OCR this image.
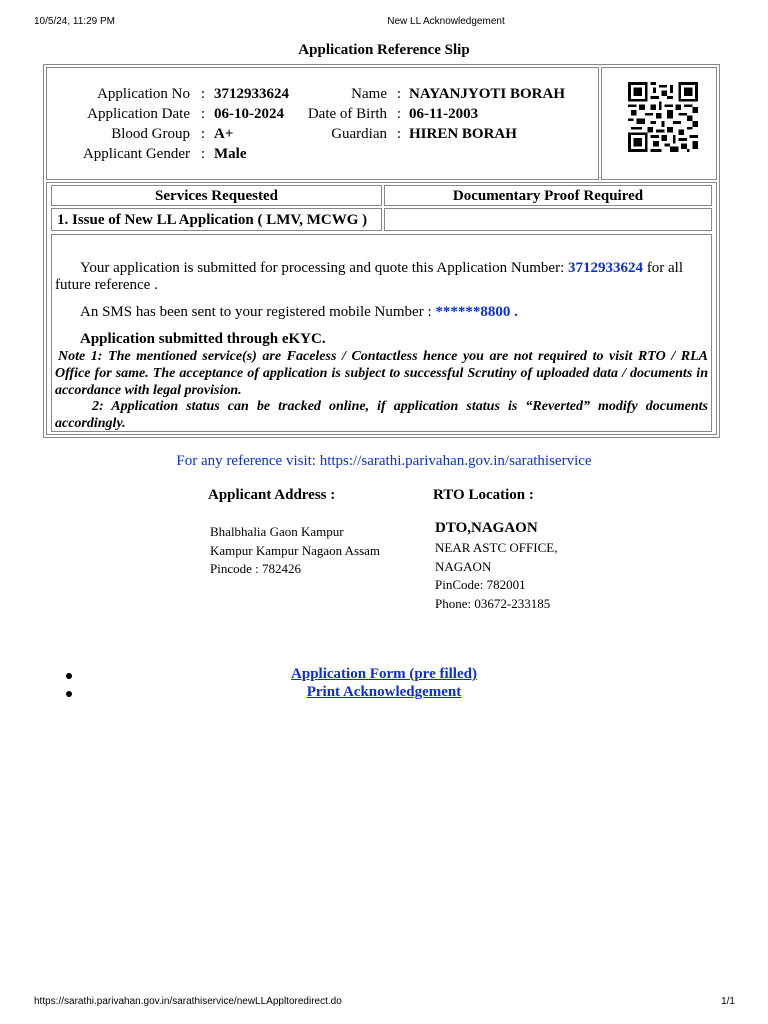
10/5/24, 11:29 PM	New LL Acknowledgement
Application Reference Slip
Application No : 3712933624	Name : NAYANJYOTI BORAH
Application Date : 06-10-2024 Date of Birth : 06-11-2003
Blood Group : A+	Guardian : HIREN BORAH
Applicant Gender : Male
Services Requested	Documentary Proof Required
1. Issue of New LL Application ( LMV, MCWG )
Your application is submitted for processing and quote this Application Number: 3712933624 for all future reference .
An SMS has been sent to your registered mobile Number : ******8800 .
Application submitted through eKYC.
Note 1: The mentioned service(s) are Faceless / Contactless hence you are not required to visit RTO / RLA Office for same. The acceptance of application is subject to successful Scrutiny of uploaded data / documents in accordance with legal provision.
2: Application status can be tracked online, if application status is “Reverted” modify documents accordingly.
For any reference visit: https://sarathi.parivahan.gov.in/sarathiservice
Applicant Address :	RTO Location :
Bhalbhalia Gaon Kampur
Kampur Kampur Nagaon Assam
Pincode : 782426
DTO,NAGAON
NEAR ASTC OFFICE,
NAGAON
PinCode: 782001
Phone: 03672-233185
Application Form (pre filled)
Print Acknowledgement
https://sarathi.parivahan.gov.in/sarathiservice/newLLAppltoredirect.do	1/1
